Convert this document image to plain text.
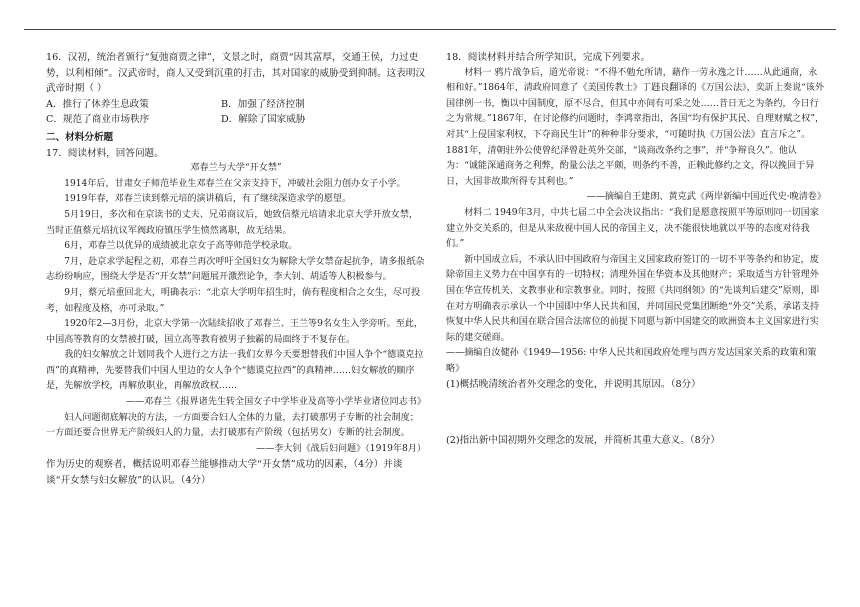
16．汉初，统治者颁行“复弛商贾之律”，文景之时，商贾“因其富厚，交通王侯，力过吏势，以利相倾”。汉武帝时，商人又受到沉重的打击，其对国家的威胁受到抑制。这表明汉武帝时期（ ）

A．推行了休养生息政策	B．加强了经济控制
C．规范了商业市场秩序	D．解除了国家威胁

二、材料分析题

17．阅读材料，回答问题。

邓春兰与大学“开女禁”

1914年后，甘肃女子师范毕业生邓春兰在父亲支持下，冲破社会阻力创办女子小学。

1919年春，邓春兰读到蔡元培的演讲稿后，有了继续深造求学的愿望。

5月19日，多次和在京读书的丈夫、兄弟商议后，她致信蔡元培请求北京大学开放女禁，当时正值蔡元培抗议军阀政府镇压学生愤然离职，故无结果。

6月，邓春兰以优异的成绩被北京女子高等师范学校录取。

7月，赴京求学起程之初，邓春兰再次呼吁全国妇女为解除大学女禁奋起抗争，请多报纸杂志纷纷响应，围绕大学是否“开女禁”问题展开激烈论争，李大钊、胡适等人积极参与。

9月，蔡元培重回北大，明确表示：“北京大学明年招生时，倘有程度相合之女生，尽可投考，如程度及格，亦可录取。”

1920年2—3月份，北京大学第一次陆续招收了邓春兰、王兰等9名女生入学旁听。至此，中国高等教育的女禁被打破，国立高等教育被男子独霸的局面终于不复存在。

我的妇女解放之计划同我个人进行之方法一我们女界今天要想替我们中国人争个“德谟克拉西”的真精神，先要替我们中国人里边的女人争个“德谟克拉西”的真精神……妇女解放的顺序是，先解放学校，再解放职业，再解放政权……

——邓春兰《报界诸先生转全国女子中学毕业及高等小学毕业诸位同志书》

妇人问题彻底解决的方法，一方面要合妇人全体的力量，去打破那男子专断的社会制度；一方面还要合世界无产阶级妇人的力量，去打破那有产阶级（包括男女）专断的社会制度。

——李大钊《战后妇问题》（1919年8月）

作为历史的观察者，概括说明邓春兰能够推动大学“开女禁”成功的因素，（4分）并谈谈“开女禁与妇女解放”的认识。（4分）

18．阅读材料并结合所学知识，完成下列要求。

材料一 鸦片战争后，道光帝说：“不得不勉允所请，藉作一劳永逸之计……从此通商，永相和好。”1864年，清政府同意了《美国传教士》丁韪良翻译的《万国公法》，奕訢上奏说“该外国律例一书，衡以中国制度，原不尽合，但其中亦间有可采之处……昔日无之为条约，今日行之为常规。”1867年，在讨论修约问题时，李鸿章指出，各国“均有保护其民、自理财赋之权”，对其“上侵国家利权，下夺商民生计”的种种非分要求，“可随时执《万国公法》直言斥之”。1881年，清朝驻外公使曾纪泽曾赴英外交部，“谈商改条约之事”，并“争辩良久”。他认为：“诚能深通商务之利弊，酌量公法之平颇，则条约不善，正赖此修约之文，得以挽回于异日，大国非故欺所得专其利也。”

——摘编自王建朗、黄克武《两岸新编中国近代史·晚清卷》

材料二 1949年3月，中共七届二中全会决议指出：“我们是愿意按照平等原则同一切国家建立外交关系的，但是从来敌视中国人民的帝国主义，决不能很快地就以平等的态度对待我们。”

新中国成立后，不承认旧中国政府与帝国主义国家政府签订的一切不平等条约和协定，废除帝国主义势力在中国享有的一切特权；清理外国在华资本及其他财产；采取适当方针管理外国在华宣传机关、文教事业和宗教事业。同时，按照《共同纲领》的“先谈判后建交”原则，即在对方明确表示承认一个中国即中华人民共和国，并同国民党集团断绝“外交”关系，承诺支持恢复中华人民共和国在联合国合法席位的前提下同愿与新中国建交的欧洲资本主义国家进行实际的建交磋商。

——摘编自汝健孙《1949—1956: 中华人民共和国政府处理与西方发达国家关系的政策和策略》

(1)概括晚清统治者外交理念的变化，并说明其原因。（8分）

(2)指出新中国初期外交理念的发展，并简析其重大意义。（8分）
